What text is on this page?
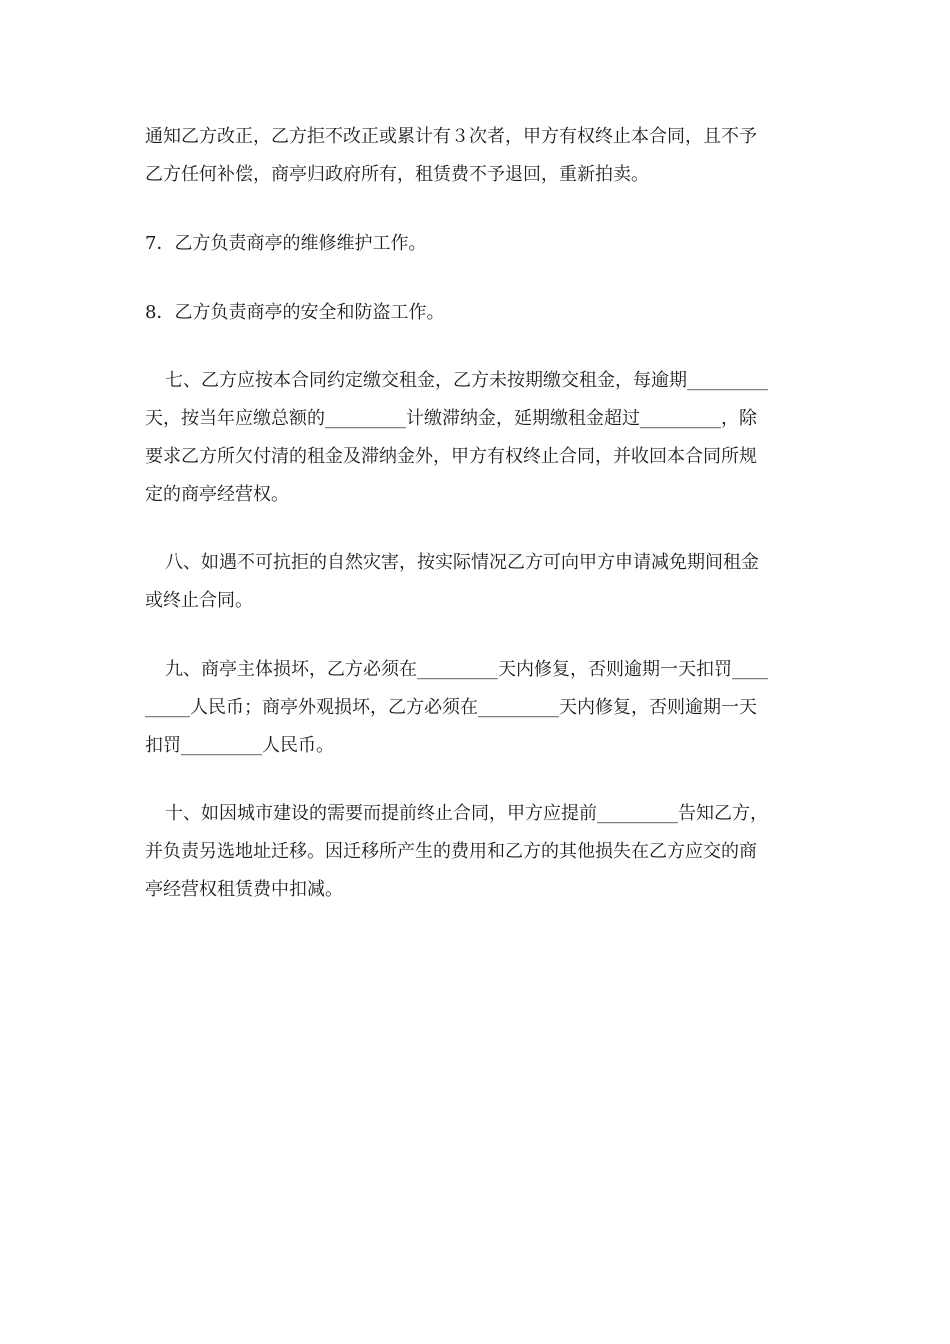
通知乙方改正，乙方拒不改正或累计有３次者，甲方有权终止本合同，且不予
乙方任何补偿，商亭归政府所有，租赁费不予退回，重新拍卖。

7．乙方负责商亭的维修维护工作。

8．乙方负责商亭的安全和防盗工作。

七、乙方应按本合同约定缴交租金，乙方未按期缴交租金，每逾期_________
天，按当年应缴总额的_________计缴滞纳金，延期缴租金超过_________，除
要求乙方所欠付清的租金及滞纳金外，甲方有权终止合同，并收回本合同所规
定的商亭经营权。

八、如遇不可抗拒的自然灾害，按实际情况乙方可向甲方申请减免期间租金
或终止合同。

九、商亭主体损坏，乙方必须在_________天内修复，否则逾期一天扣罚____
_____人民币；商亭外观损坏，乙方必须在_________天内修复，否则逾期一天
扣罚_________人民币。

十、如因城市建设的需要而提前终止合同，甲方应提前_________告知乙方，
并负责另选地址迁移。因迁移所产生的费用和乙方的其他损失在乙方应交的商
亭经营权租赁费中扣减。
